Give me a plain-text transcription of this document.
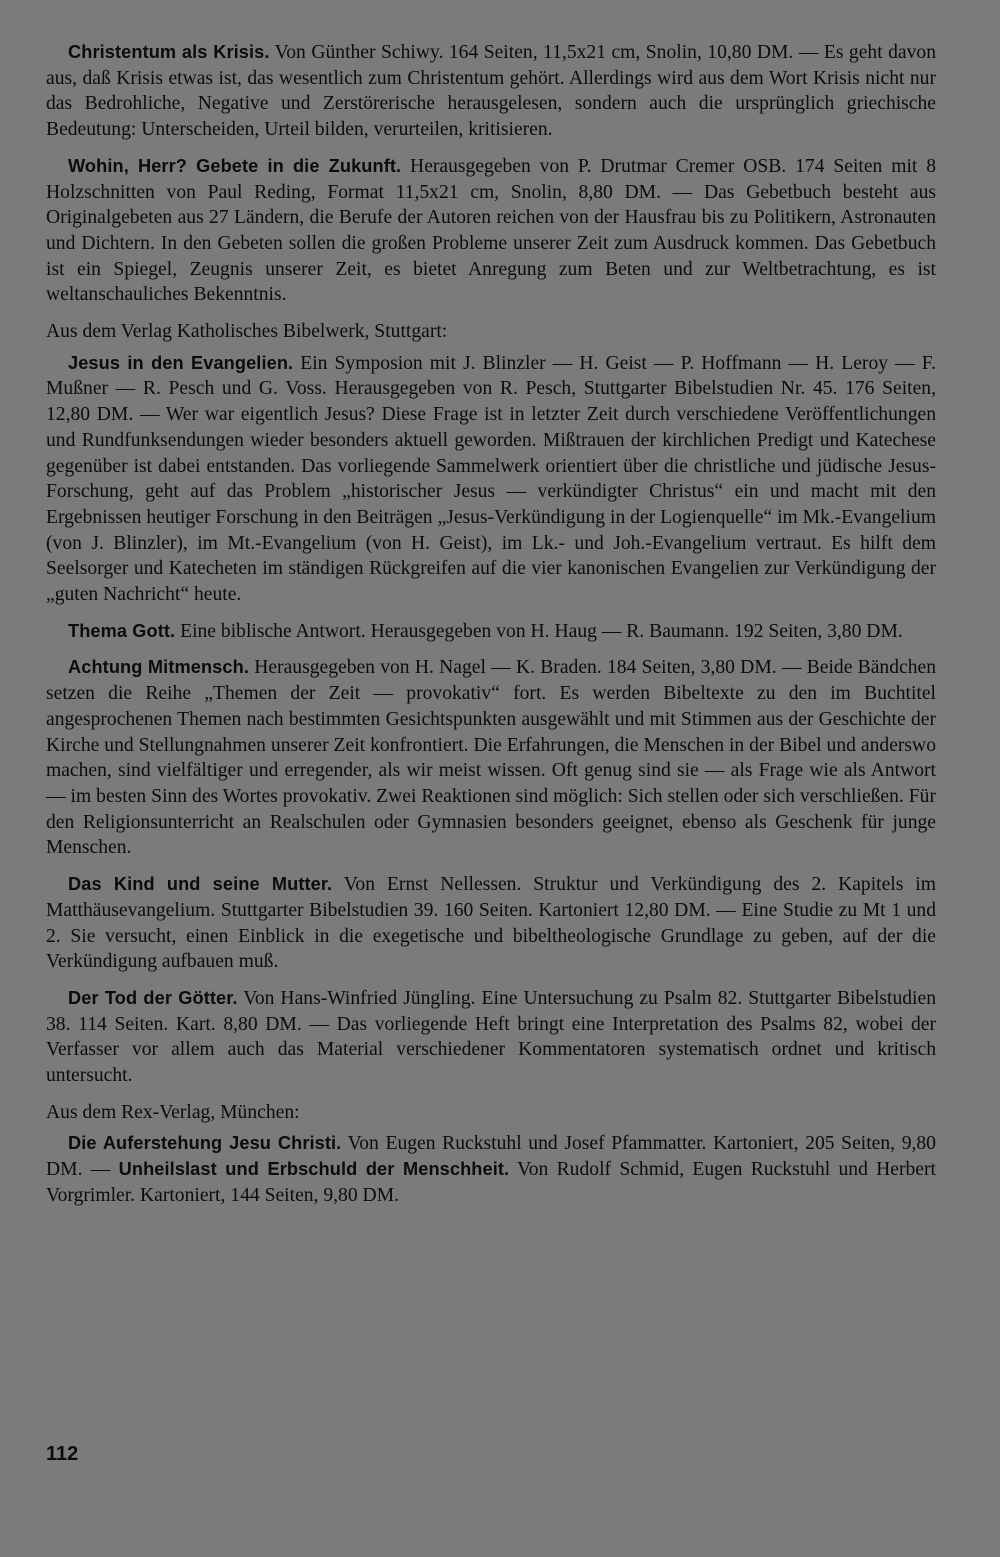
Christentum als Krisis. Von Günther Schiwy. 164 Seiten, 11,5x21 cm, Snolin, 10,80 DM. — Es geht davon aus, daß Krisis etwas ist, das wesentlich zum Christentum gehört. Allerdings wird aus dem Wort Krisis nicht nur das Bedrohliche, Negative und Zerstörerische herausgelesen, sondern auch die ursprünglich griechische Bedeutung: Unterscheiden, Urteil bilden, verurteilen, kritisieren.

Wohin, Herr? Gebete in die Zukunft. Herausgegeben von P. Drutmar Cremer OSB. 174 Seiten mit 8 Holzschnitten von Paul Reding, Format 11,5x21 cm, Snolin, 8,80 DM. — Das Gebetbuch besteht aus Originalgebeten aus 27 Ländern, die Berufe der Autoren reichen von der Hausfrau bis zu Politikern, Astronauten und Dichtern. In den Gebeten sollen die großen Probleme unserer Zeit zum Ausdruck kommen. Das Gebetbuch ist ein Spiegel, Zeugnis unserer Zeit, es bietet Anregung zum Beten und zur Weltbetrachtung, es ist weltanschauliches Bekenntnis.

Aus dem Verlag Katholisches Bibelwerk, Stuttgart:

Jesus in den Evangelien. Ein Symposion mit J. Blinzler — H. Geist — P. Hoffmann — H. Leroy — F. Mußner — R. Pesch und G. Voss. Herausgegeben von R. Pesch, Stuttgarter Bibelstudien Nr. 45. 176 Seiten, 12,80 DM. — Wer war eigentlich Jesus? Diese Frage ist in letzter Zeit durch verschiedene Veröffentlichungen und Rundfunksendungen wieder besonders aktuell geworden. Mißtrauen der kirchlichen Predigt und Katechese gegenüber ist dabei entstanden. Das vorliegende Sammelwerk orientiert über die christliche und jüdische Jesus-Forschung, geht auf das Problem „historischer Jesus — verkündigter Christus“ ein und macht mit den Ergebnissen heutiger Forschung in den Beiträgen „Jesus-Verkündigung in der Logienquelle“ im Mk.-Evangelium (von J. Blinzler), im Mt.-Evangelium (von H. Geist), im Lk.- und Joh.-Evangelium vertraut. Es hilft dem Seelsorger und Katecheten im ständigen Rückgreifen auf die vier kanonischen Evangelien zur Verkündigung der „guten Nachricht“ heute.

Thema Gott. Eine biblische Antwort. Herausgegeben von H. Haug — R. Baumann. 192 Seiten, 3,80 DM.

Achtung Mitmensch. Herausgegeben von H. Nagel — K. Braden. 184 Seiten, 3,80 DM. — Beide Bändchen setzen die Reihe „Themen der Zeit — provokativ“ fort. Es werden Bibeltexte zu den im Buchtitel angesprochenen Themen nach bestimmten Gesichtspunkten ausgewählt und mit Stimmen aus der Geschichte der Kirche und Stellungnahmen unserer Zeit konfrontiert. Die Erfahrungen, die Menschen in der Bibel und anderswo machen, sind vielfältiger und erregender, als wir meist wissen. Oft genug sind sie — als Frage wie als Antwort — im besten Sinn des Wortes provokativ. Zwei Reaktionen sind möglich: Sich stellen oder sich verschließen. Für den Religionsunterricht an Realschulen oder Gymnasien besonders geeignet, ebenso als Geschenk für junge Menschen.

Das Kind und seine Mutter. Von Ernst Nellessen. Struktur und Verkündigung des 2. Kapitels im Matthäusevangelium. Stuttgarter Bibelstudien 39. 160 Seiten. Kartoniert 12,80 DM. — Eine Studie zu Mt 1 und 2. Sie versucht, einen Einblick in die exegetische und bibeltheologische Grundlage zu geben, auf der die Verkündigung aufbauen muß.

Der Tod der Götter. Von Hans-Winfried Jüngling. Eine Untersuchung zu Psalm 82. Stuttgarter Bibelstudien 38. 114 Seiten. Kart. 8,80 DM. — Das vorliegende Heft bringt eine Interpretation des Psalms 82, wobei der Verfasser vor allem auch das Material verschiedener Kommentatoren systematisch ordnet und kritisch untersucht.

Aus dem Rex-Verlag, München:

Die Auferstehung Jesu Christi. Von Eugen Ruckstuhl und Josef Pfammatter. Kartoniert, 205 Seiten, 9,80 DM. — Unheilslast und Erbschuld der Menschheit. Von Rudolf Schmid, Eugen Ruckstuhl und Herbert Vorgrimler. Kartoniert, 144 Seiten, 9,80 DM.

112
